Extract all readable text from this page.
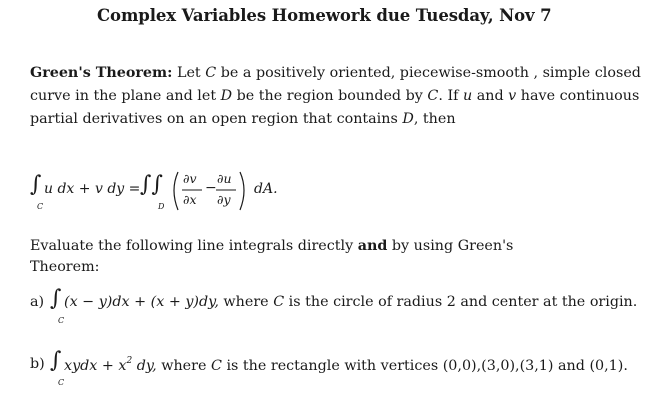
Complex Variables Homework due Tuesday, Nov 7
Green's Theorem: Let C be a positively oriented, piecewise-smooth , simple closed
curve in the plane and let D be the region bounded by C. If u and v have continuous
partial derivatives on an open region that contains D, then
∫
C
u dx + v dy = ∫∫
D
∂v
∂x
−
∂u
∂y
dA.
Evaluate the following line integrals directly and by using Green's
Theorem:
a) ∫
C
(x − y)dx + (x + y)dy, where C is the circle of radius 2 and center at the origin.
b) ∫
C
xydx + $x^2$ dy, where C is the rectangle with vertices (0,0),(3,0),(3,1) and (0,1).
